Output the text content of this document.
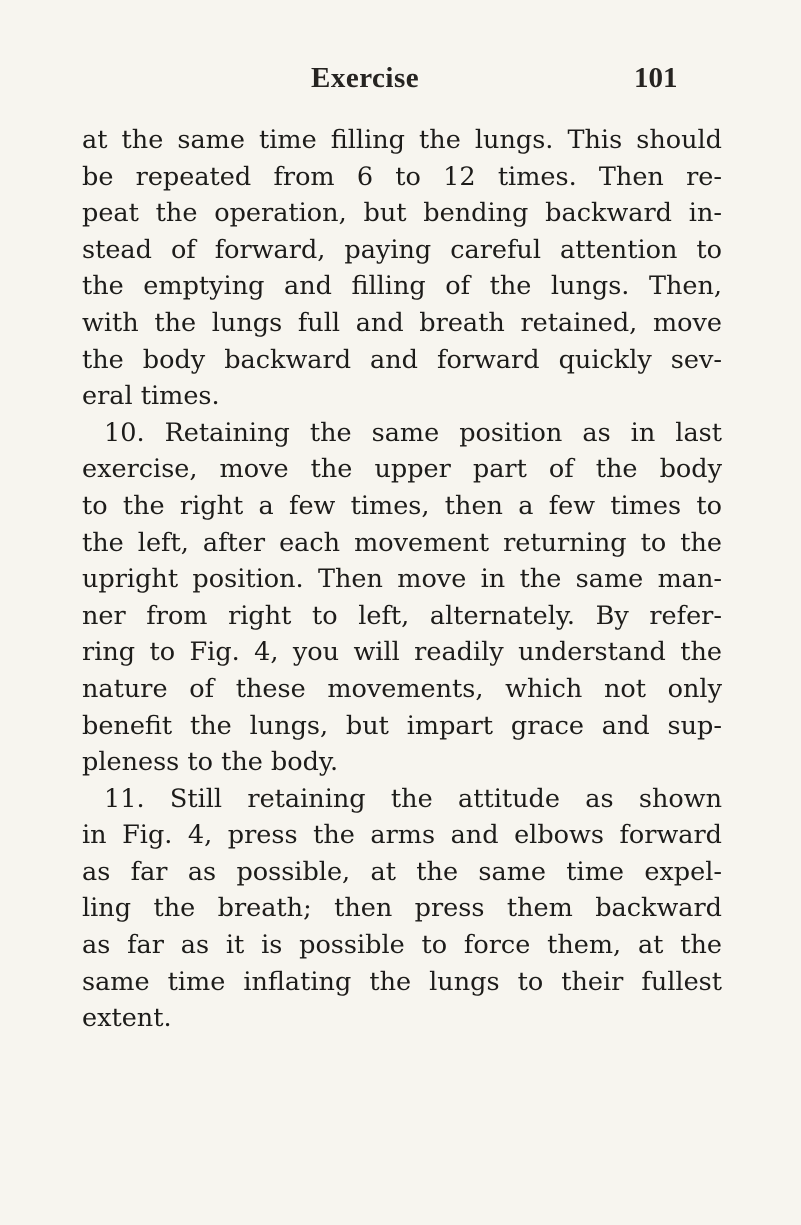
Exercise	101
at the same time filling the lungs. This should
be repeated from 6 to 12 times. Then re-
peat the operation, but bending backward in-
stead of forward, paying careful attention to
the emptying and filling of the lungs. Then,
with the lungs full and breath retained, move
the body backward and forward quickly sev-
eral times.
10. Retaining the same position as in last
exercise, move the upper part of the body
to the right a few times, then a few times to
the left, after each movement returning to the
upright position. Then move in the same man-
ner from right to left, alternately. By refer-
ring to Fig. 4, you will readily understand the
nature of these movements, which not only
benefit the lungs, but impart grace and sup-
pleness to the body.
11. Still retaining the attitude as shown
in Fig. 4, press the arms and elbows forward
as far as possible, at the same time expel-
ling the breath; then press them backward
as far as it is possible to force them, at the
same time inflating the lungs to their fullest
extent.
